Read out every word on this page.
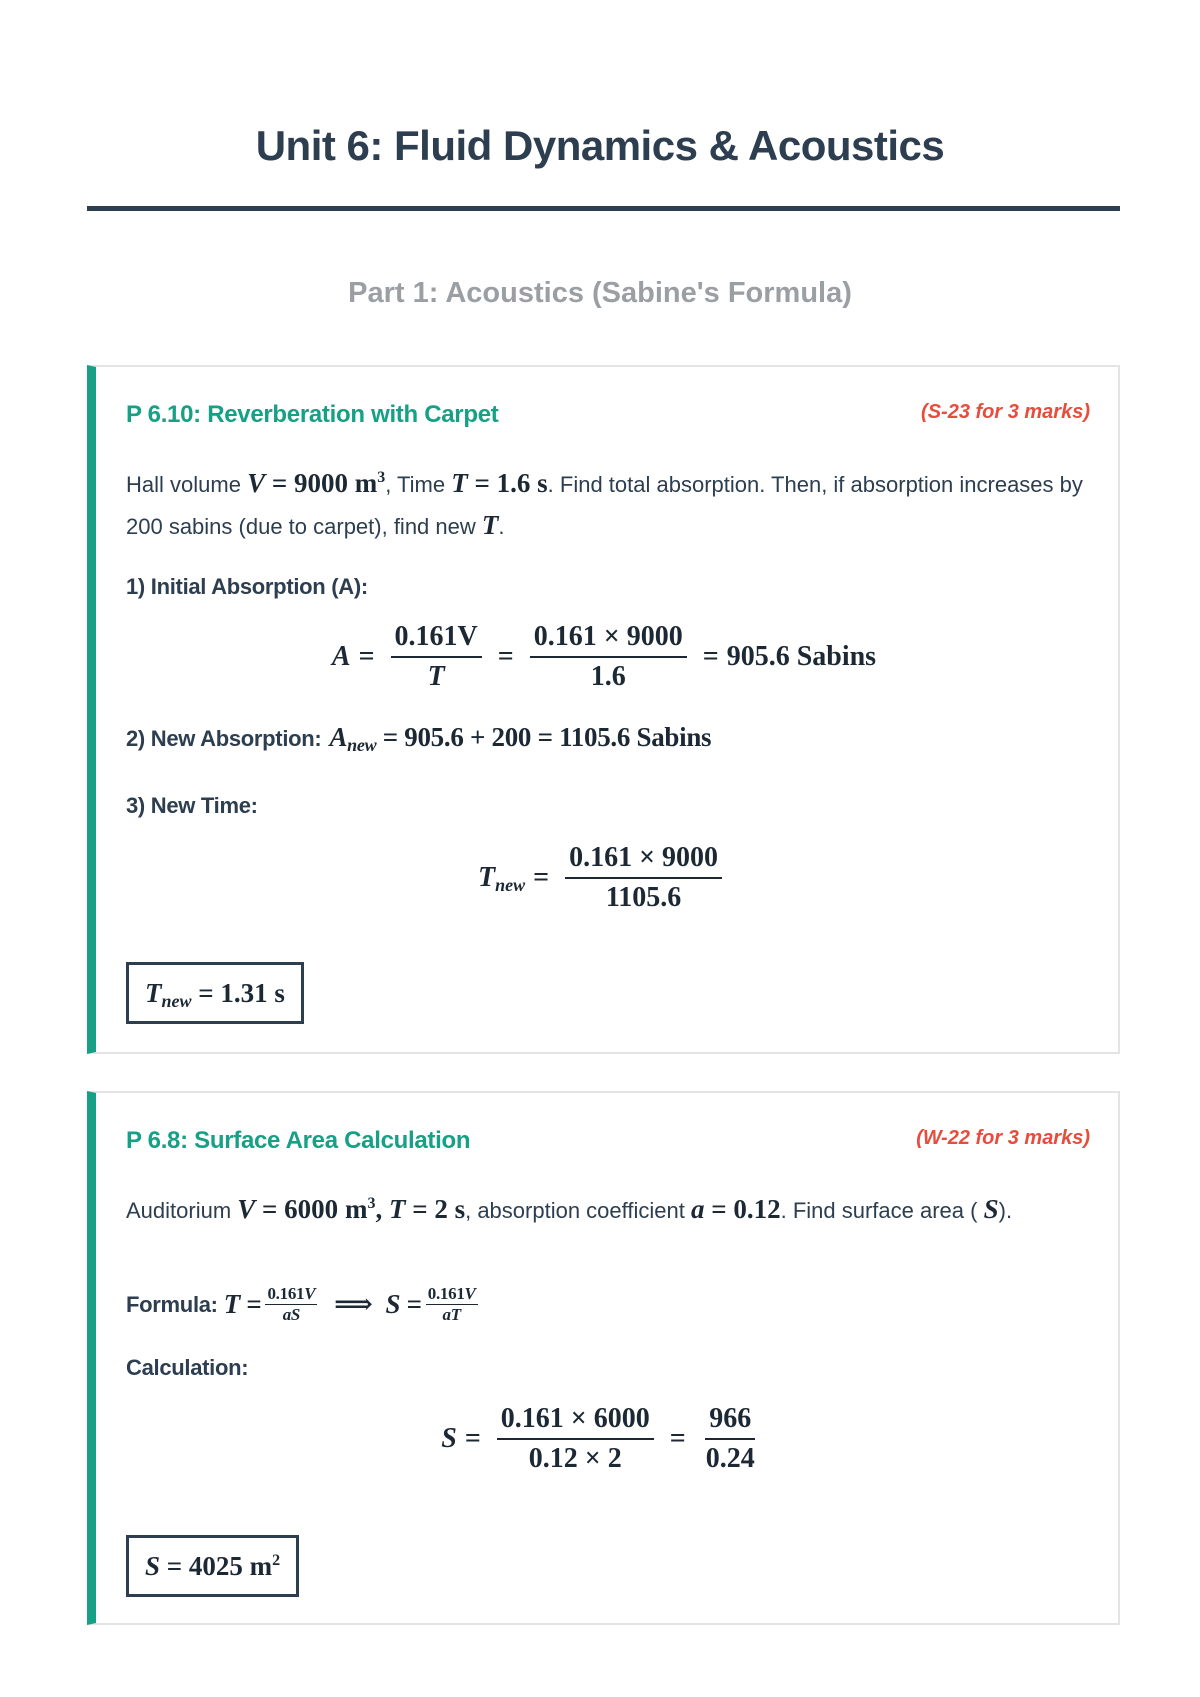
Unit 6: Fluid Dynamics & Acoustics
Part 1: Acoustics (Sabine's Formula)
P 6.10: Reverberation with Carpet	(S-23 for 3 marks)
Hall volume V = 9000 $m^3$, Time T = 1.6 s. Find total absorption. Then, if absorption increases by 200 sabins (due to carpet), find new T.
1) Initial Absorption (A):
$A = \frac{0.161V}{T} = \frac{0.161 \times 9000}{1.6} = 905.6$ Sabins
2) New Absorption: $A_{new} = 905.6 + 200 = 1105.6$ Sabins
3) New Time:
$T_{new} = \frac{0.161 \times 9000}{1105.6}$
$T_{new} = 1.31$ s
P 6.8: Surface Area Calculation	(W-22 for 3 marks)
Auditorium V = 6000 $m^3$, T = 2 s, absorption coefficient a = 0.12. Find surface area ( S).
Formula: $T = \frac{0.161V}{aS}$ ⟹ $S = \frac{0.161V}{aT}$
Calculation:
$S = \frac{0.161 \times 6000}{0.12 \times 2} = \frac{966}{0.24}$
S = 4025 $m^2$
